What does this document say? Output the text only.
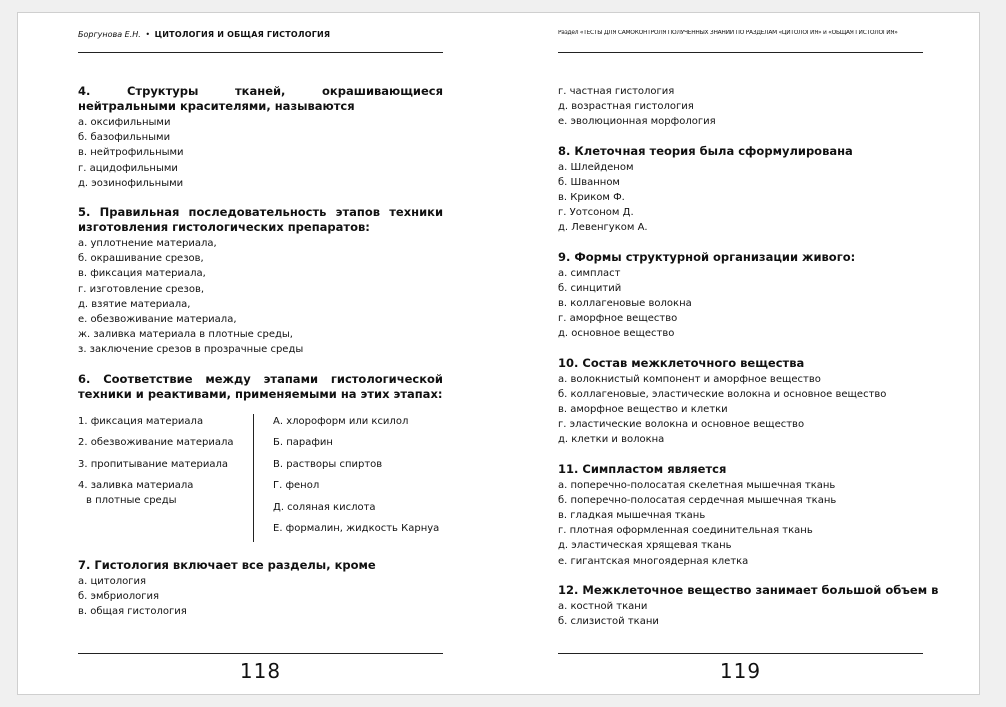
Боргунова Е.Н. • ЦИТОЛОГИЯ И ОБЩАЯ ГИСТОЛОГИЯ
4. Структуры тканей, окрашивающиеся нейтральными красителями, называются
а. оксифильными
б. базофильными
в. нейтрофильными
г. ацидофильными
д. эозинофильными
5. Правильная последовательность этапов техники изготовления гистологических препаратов:
а. уплотнение материала,
б. окрашивание срезов,
в. фиксация материала,
г. изготовление срезов,
д. взятие материала,
е. обезвоживание материала,
ж. заливка материала в плотные среды,
з. заключение срезов в прозрачные среды
6. Соответствие между этапами гистологической техники и реактивами, применяемыми на этих этапах:
1. фиксация материала
2. обезвоживание материала
3. пропитывание материала
4. заливка материала
в плотные среды
А. хлороформ или ксилол
Б. парафин
В. растворы спиртов
Г. фенол
Д. соляная кислота
Е. формалин, жидкость Карнуа
7. Гистология включает все разделы, кроме
а. цитология
б. эмбриология
в. общая гистология
118
Раздел «ТЕСТЫ ДЛЯ САМОКОНТРОЛЯ ПОЛУЧЕННЫХ ЗНАНИЙ ПО РАЗДЕЛАМ «ЦИТОЛОГИЯ» и «ОБЩАЯ ГИСТОЛОГИЯ»
г. частная гистология
д. возрастная гистология
е. эволюционная морфология
8. Клеточная теория была сформулирована
а. Шлейденом
б. Шванном
в. Криком Ф.
г. Уотсоном Д.
д. Левенгуком А.
9. Формы структурной организации живого:
а. симпласт
б. синцитий
в. коллагеновые волокна
г. аморфное вещество
д. основное вещество
10. Состав межклеточного вещества
а. волокнистый компонент и аморфное вещество
б. коллагеновые, эластические волокна и основное вещество
в. аморфное вещество и клетки
г. эластические волокна и основное вещество
д. клетки и волокна
11. Симпластом является
а. поперечно-полосатая скелетная мышечная ткань
б. поперечно-полосатая сердечная мышечная ткань
в. гладкая мышечная ткань
г. плотная оформленная соединительная ткань
д. эластическая хрящевая ткань
е. гигантская многоядерная клетка
12. Межклеточное вещество занимает большой объем в
а. костной ткани
б. слизистой ткани
119
